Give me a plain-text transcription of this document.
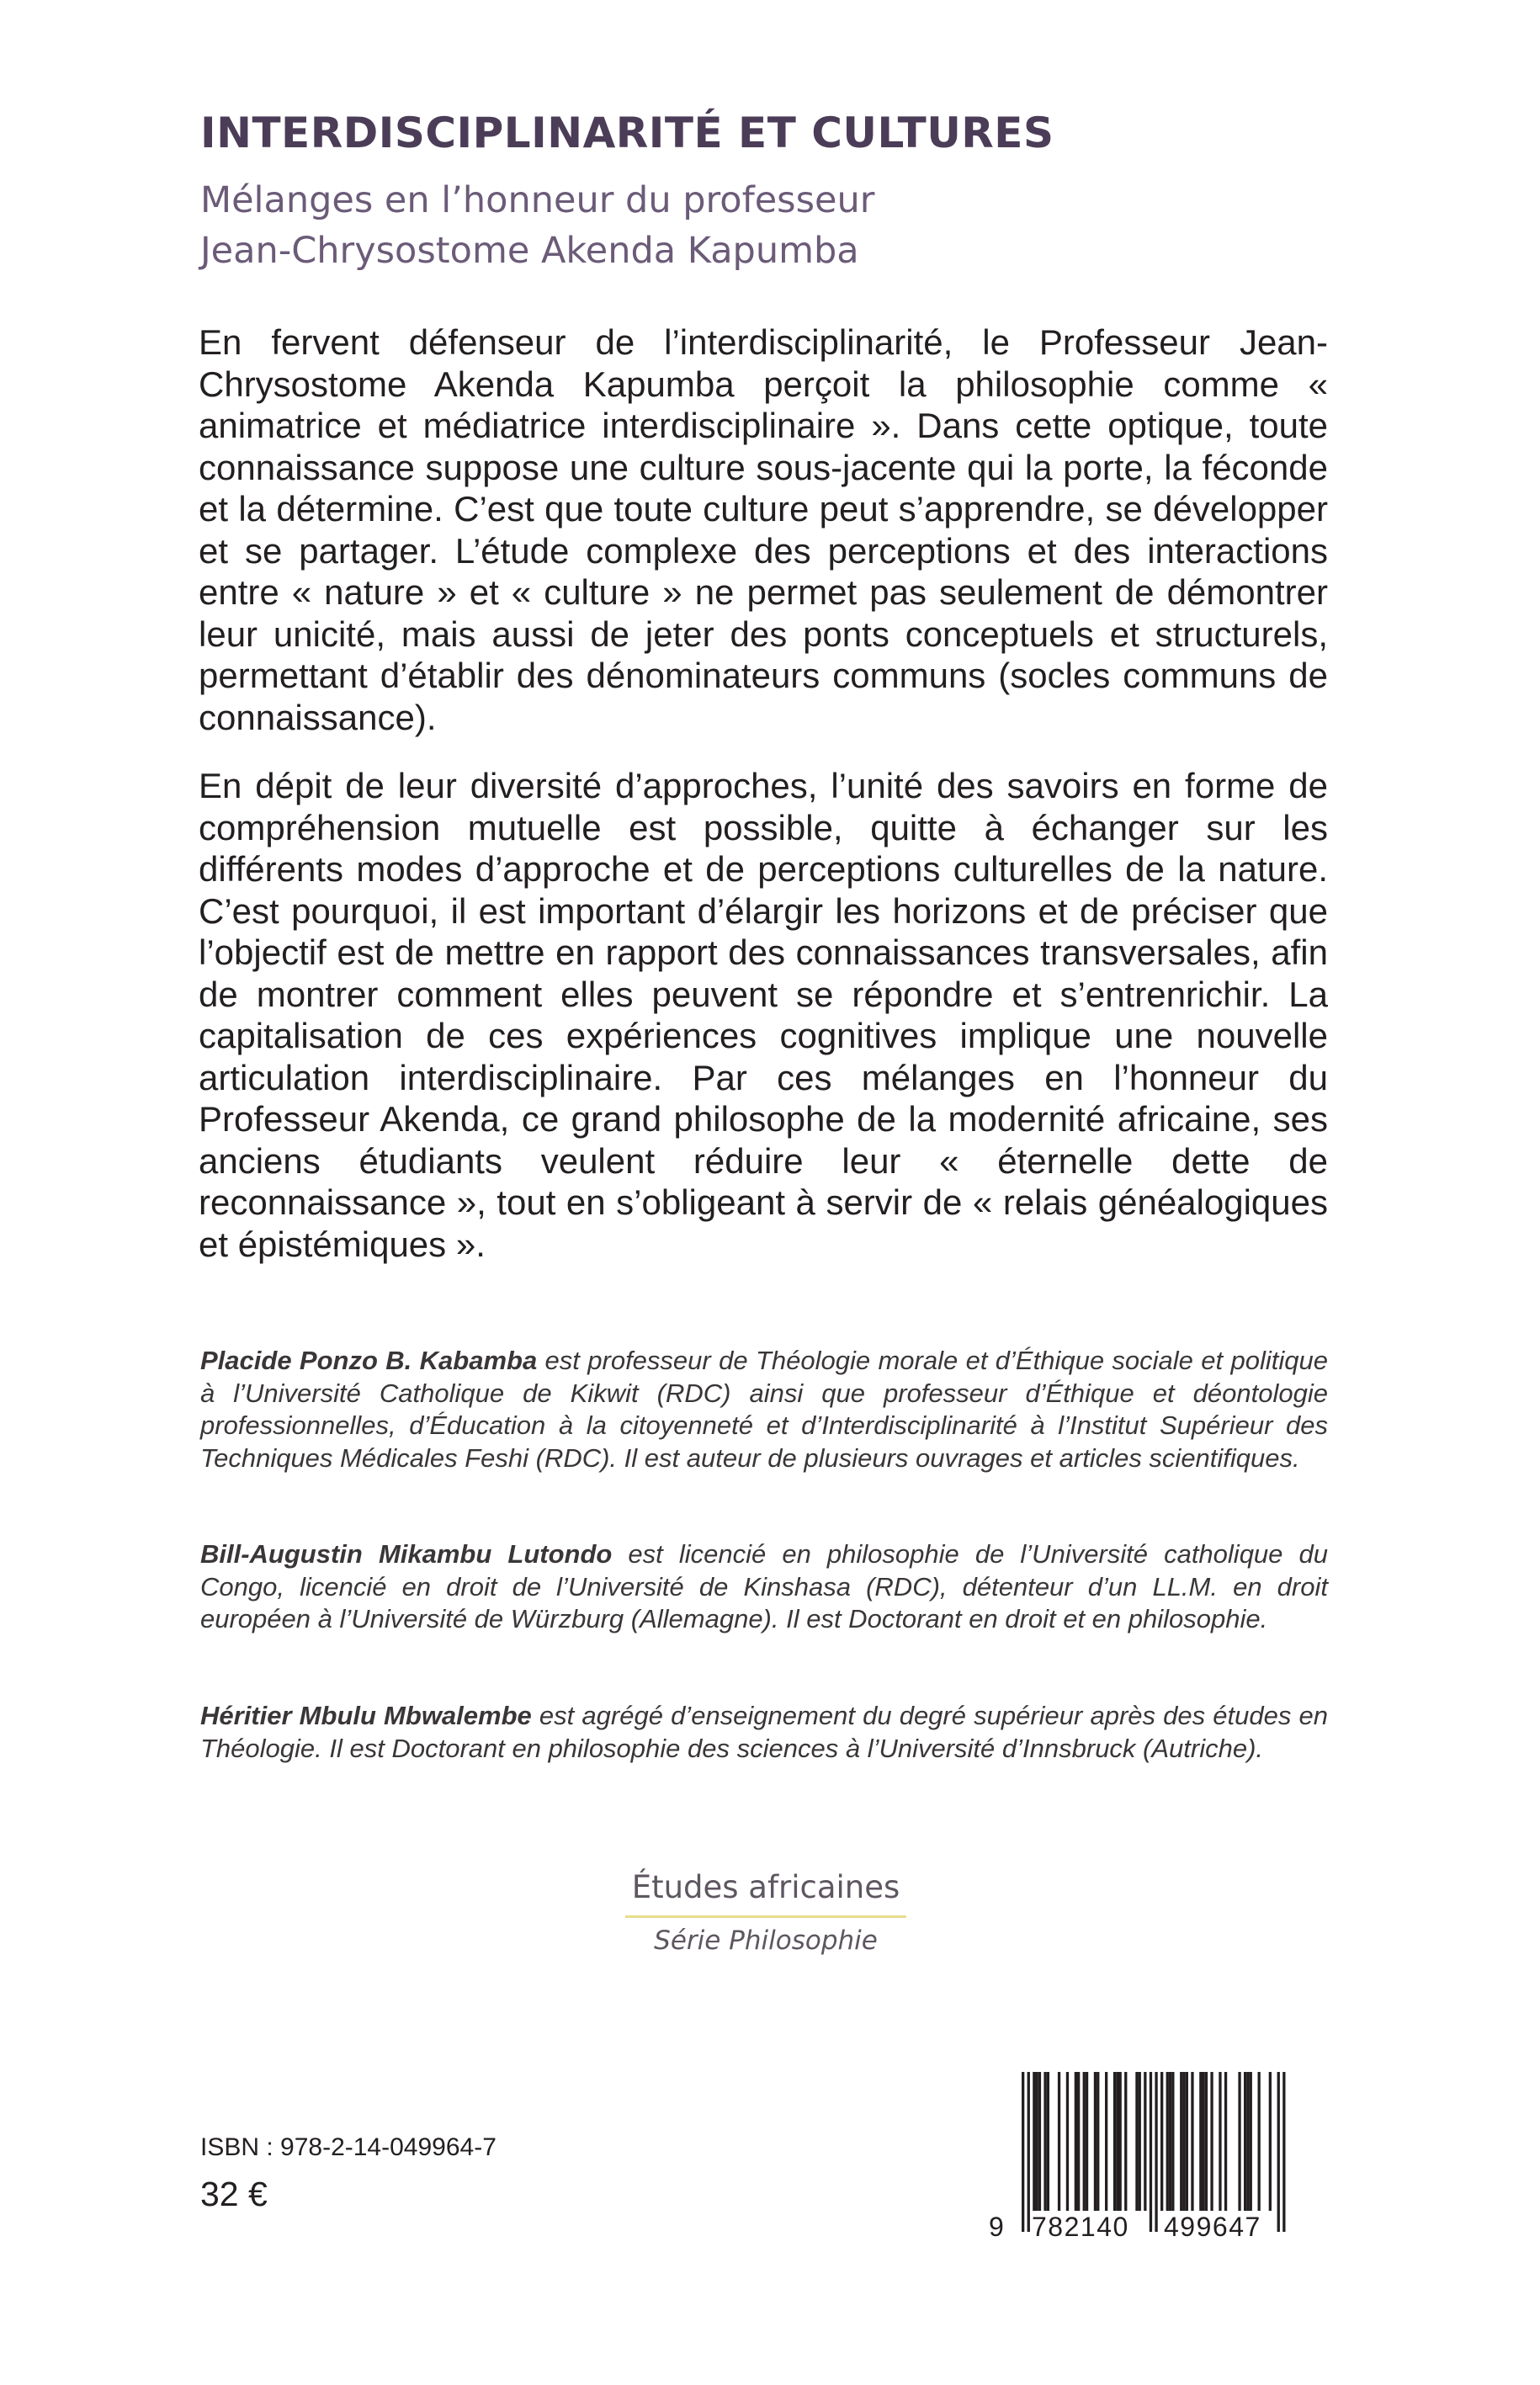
INTERDISCIPLINARITÉ ET CULTURES
Mélanges en l’honneur du professeur
Jean-Chrysostome Akenda Kapumba

En fervent défenseur de l’interdisciplinarité, le Professeur Jean-Chrysostome Akenda Kapumba perçoit la philosophie comme « animatrice et médiatrice interdisciplinaire ». Dans cette optique, toute connaissance suppose une culture sous-jacente qui la porte, la féconde et la détermine. C’est que toute culture peut s’apprendre, se développer et se partager. L’étude complexe des perceptions et des interactions entre « nature » et « culture » ne permet pas seulement de démontrer leur unicité, mais aussi de jeter des ponts conceptuels et structurels, permettant d’établir des dénominateurs communs (socles communs de connaissance).

En dépit de leur diversité d’approches, l’unité des savoirs en forme de compréhension mutuelle est possible, quitte à échanger sur les différents modes d’approche et de perceptions culturelles de la nature. C’est pourquoi, il est important d’élargir les horizons et de préciser que l’objectif est de mettre en rapport des connaissances transversales, afin de montrer comment elles peuvent se répondre et s’entrenrichir. La capitalisation de ces expériences cognitives implique une nouvelle articulation interdisciplinaire. Par ces mélanges en l’honneur du Professeur Akenda, ce grand philosophe de la modernité africaine, ses anciens étudiants veulent réduire leur « éternelle dette de reconnaissance », tout en s’obligeant à servir de « relais généalogiques et épistémiques ».

Placide Ponzo B. Kabamba est professeur de Théologie morale et d’Éthique sociale et politique à l’Université Catholique de Kikwit (RDC) ainsi que professeur d’Éthique et déontologie professionnelles, d’Éducation à la citoyenneté et d’Interdisciplinarité à l’Institut Supérieur des Techniques Médicales Feshi (RDC). Il est auteur de plusieurs ouvrages et articles scientifiques.

Bill-Augustin Mikambu Lutondo est licencié en philosophie de l’Université catholique du Congo, licencié en droit de l’Université de Kinshasa (RDC), détenteur d’un LL.M. en droit européen à l’Université de Würzburg (Allemagne). Il est Doctorant en droit et en philosophie.

Héritier Mbulu Mbwalembe est agrégé d’enseignement du degré supérieur après des études en Théologie. Il est Doctorant en philosophie des sciences à l’Université d’Innsbruck (Autriche).

Études africaines
Série Philosophie

ISBN : 978-2-14-049964-7

32 €

9 782140 499647
